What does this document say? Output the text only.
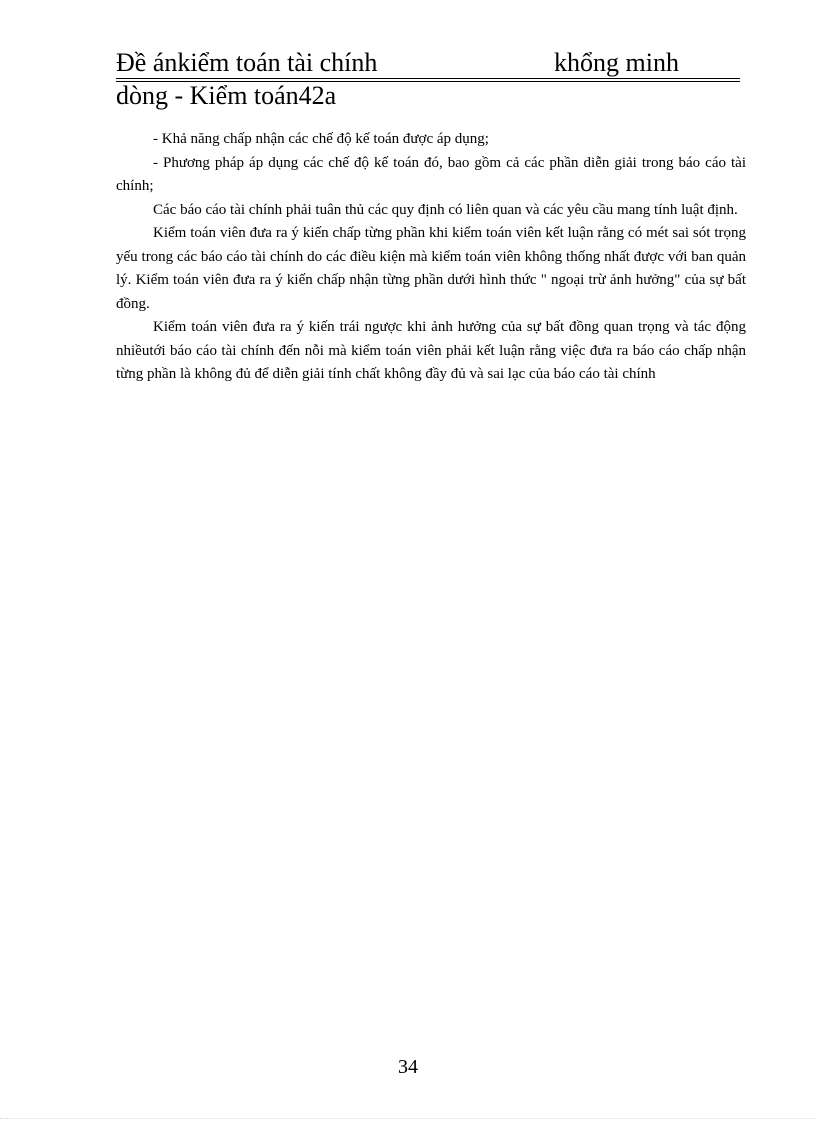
Đề ánkiểm toán tài chính	khổng minh
dòng - Kiểm toán42a

- Khả năng chấp nhận các chế độ kế toán được áp dụng;

- Phương pháp áp dụng các chế độ kế toán đó, bao gồm cả các phần diễn giải trong báo cáo tài chính;

Các báo cáo tài chính phải tuân thủ các quy định có liên quan và các yêu cầu mang tính luật định.

Kiểm toán viên đưa ra ý kiến chấp từng phần khi kiểm toán viên kết luận rằng có mét sai sót trọng yếu trong các báo cáo tài chính do các điều kiện mà kiểm toán viên không thống nhất được với ban quản lý. Kiểm toán viên đưa ra ý kiến chấp nhận từng phần dưới hình thức " ngoại trừ ảnh hưởng" của sự bất đồng.

Kiểm toán viên đưa ra ý kiến trái ngược khi ảnh hưởng của sự bất đồng quan trọng và tác động nhiềutới báo cáo tài chính đến nỗi mà kiểm toán viên phải kết luận rằng việc đưa ra báo cáo chấp nhận từng phần là không đủ để diễn giải tính chất không đầy đủ và sai lạc của báo cáo tài chính

34
